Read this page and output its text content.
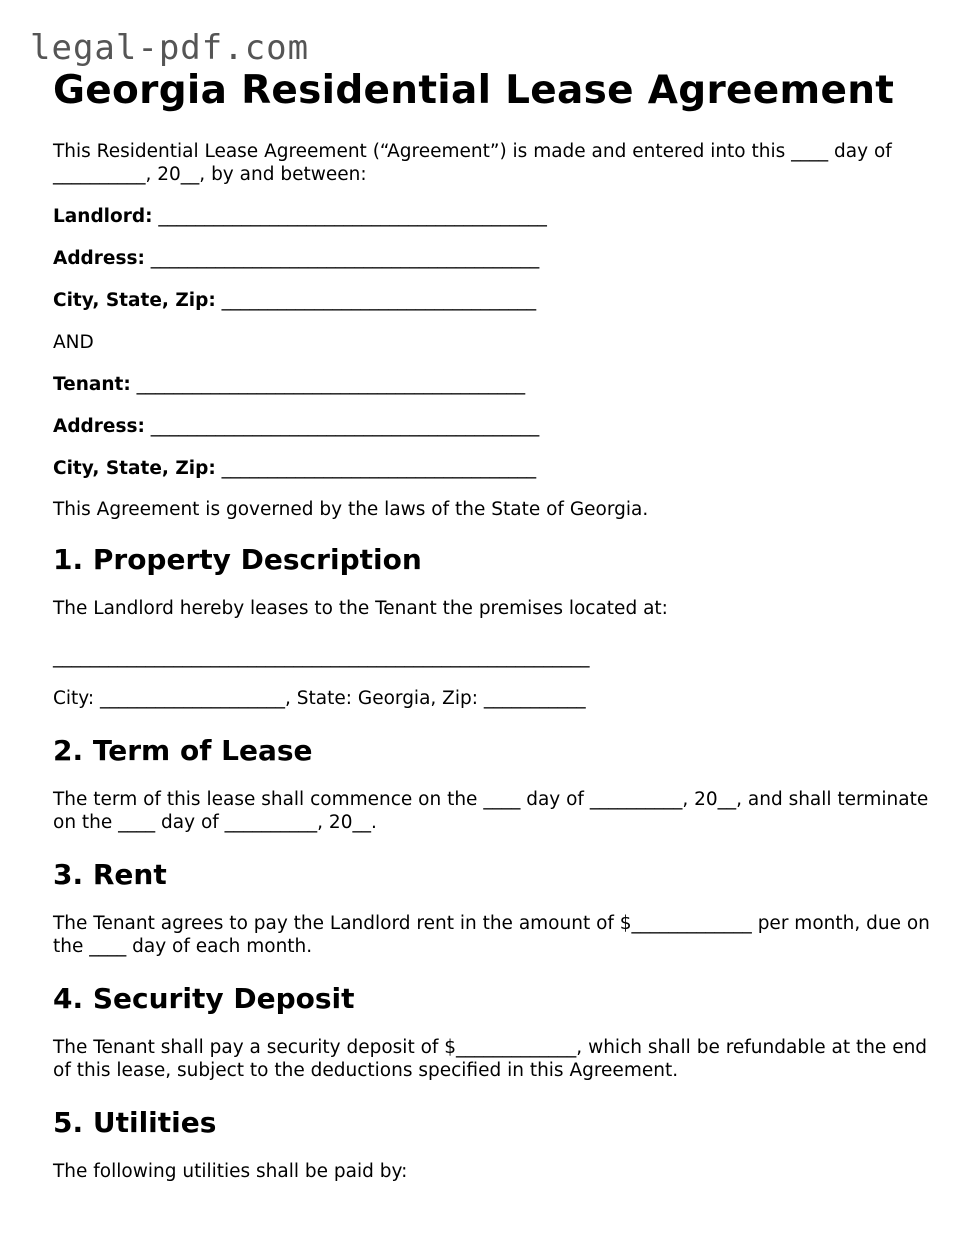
legal-pdf.com
Georgia Residential Lease Agreement

This Residential Lease Agreement (“Agreement”) is made and entered into this ____ day of __________, 20__, by and between:

Landlord: __________________________________________

Address: __________________________________________

City, State, Zip: __________________________________

AND

Tenant: __________________________________________

Address: __________________________________________

City, State, Zip: __________________________________

This Agreement is governed by the laws of the State of Georgia.

1. Property Description

The Landlord hereby leases to the Tenant the premises located at:

__________________________________________________________

City: ____________________, State: Georgia, Zip: ___________

2. Term of Lease

The term of this lease shall commence on the ____ day of __________, 20__, and shall terminate on the ____ day of __________, 20__.

3. Rent

The Tenant agrees to pay the Landlord rent in the amount of $_____________ per month, due on the ____ day of each month.

4. Security Deposit

The Tenant shall pay a security deposit of $_____________, which shall be refundable at the end of this lease, subject to the deductions specified in this Agreement.

5. Utilities

The following utilities shall be paid by:
